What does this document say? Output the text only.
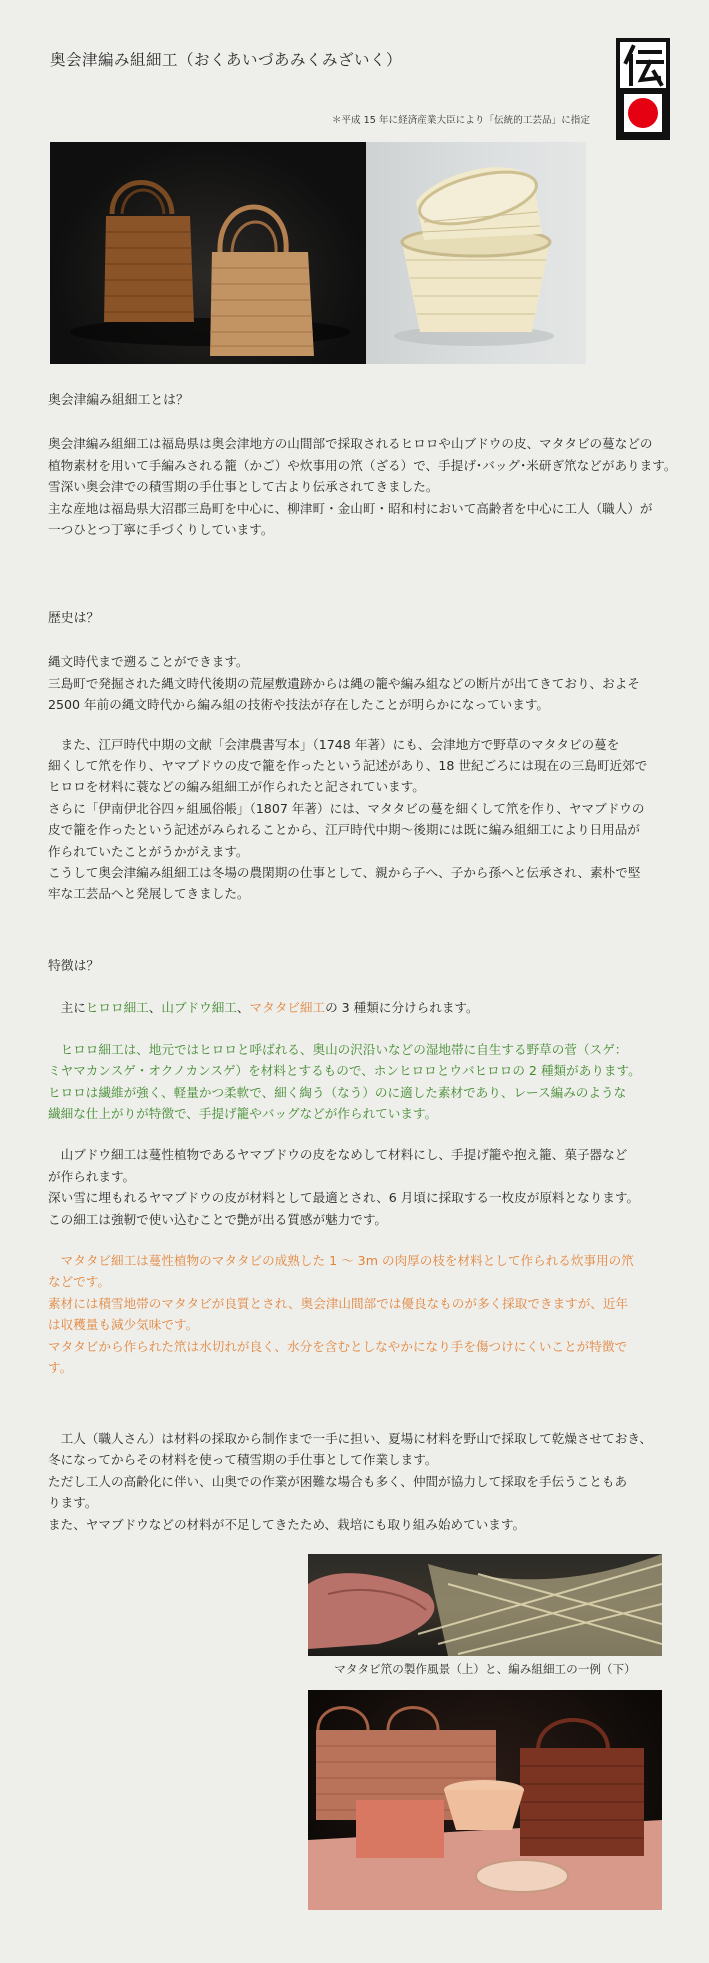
奥会津編み組細工（おくあいづあみくみざいく）
＊平成 15 年に経済産業大臣により「伝統的工芸品」に指定

奥会津編み組細工とは？

奥会津編み組細工は福島県は奥会津地方の山間部で採取されるヒロロや山ブドウの皮、マタタビの蔓などの

植物素材を用いて手編みされる籠（かご）や炊事用の笊（ざる）で、手提げ･バッグ･米研ぎ笊などがあります。

雪深い奥会津での積雪期の手仕事として古より伝承されてきました。

主な産地は福島県大沼郡三島町を中心に、柳津町・金山町・昭和村において高齢者を中心に工人（職人）が

一つひとつ丁寧に手づくりしています。

歴史は？

縄文時代まで遡ることができます。

三島町で発掘された縄文時代後期の荒屋敷遺跡からは縄の籠や編み組などの断片が出てきており、およそ

2500 年前の縄文時代から編み組の技術や技法が存在したことが明らかになっています。

　また、江戸時代中期の文献「会津農書写本」（1748 年著）にも、会津地方で野草のマタタビの蔓を

細くして笊を作り、ヤマブドウの皮で籠を作ったという記述があり、18 世紀ごろには現在の三島町近郊で

ヒロロを材料に蓑などの編み組細工が作られたと記されています。

さらに「伊南伊北谷四ヶ組風俗帳」（1807 年著）には、マタタビの蔓を細くして笊を作り、ヤマブドウの

皮で籠を作ったという記述がみられることから、江戸時代中期～後期には既に編み組細工により日用品が

作られていたことがうかがえます。

こうして奥会津編み組細工は冬場の農閑期の仕事として、親から子へ、子から孫へと伝承され、素朴で堅

牢な工芸品へと発展してきました。

特徴は？

　主にヒロロ細工、山ブドウ細工、マタタビ細工の 3 種類に分けられます。

　ヒロロ細工は、地元ではヒロロと呼ばれる、奥山の沢沿いなどの湿地帯に自生する野草の菅（スゲ：

ミヤマカンスゲ・オクノカンスゲ）を材料とするもので、ホンヒロロとウバヒロロの 2 種類があります。

ヒロロは繊維が強く、軽量かつ柔軟で、細く綯う（なう）のに適した素材であり、レース編みのような

繊細な仕上がりが特徴で、手提げ籠やバッグなどが作られています。

　山ブドウ細工は蔓性植物であるヤマブドウの皮をなめして材料にし、手提げ籠や抱え籠、菓子器など

が作られます。

深い雪に埋もれるヤマブドウの皮が材料として最適とされ、6 月頃に採取する一枚皮が原料となります。

この細工は強靭で使い込むことで艶が出る質感が魅力です。

　マタタビ細工は蔓性植物のマタタビの成熟した 1 ～ 3m の肉厚の枝を材料として作られる炊事用の笊

などです。

素材には積雪地帯のマタタビが良質とされ、奥会津山間部では優良なものが多く採取できますが、近年

は収穫量も減少気味です。

マタタビから作られた笊は水切れが良く、水分を含むとしなやかになり手を傷つけにくいことが特徴で

す。

　工人（職人さん）は材料の採取から制作まで一手に担い、夏場に材料を野山で採取して乾燥させておき、

冬になってからその材料を使って積雪期の手仕事として作業します。

ただし工人の高齢化に伴い、山奥での作業が困難な場合も多く、仲間が協力して採取を手伝うこともあ

ります。

また、ヤマブドウなどの材料が不足してきたため、栽培にも取り組み始めています。

マタタビ笊の製作風景（上）と、編み組細工の一例（下）
